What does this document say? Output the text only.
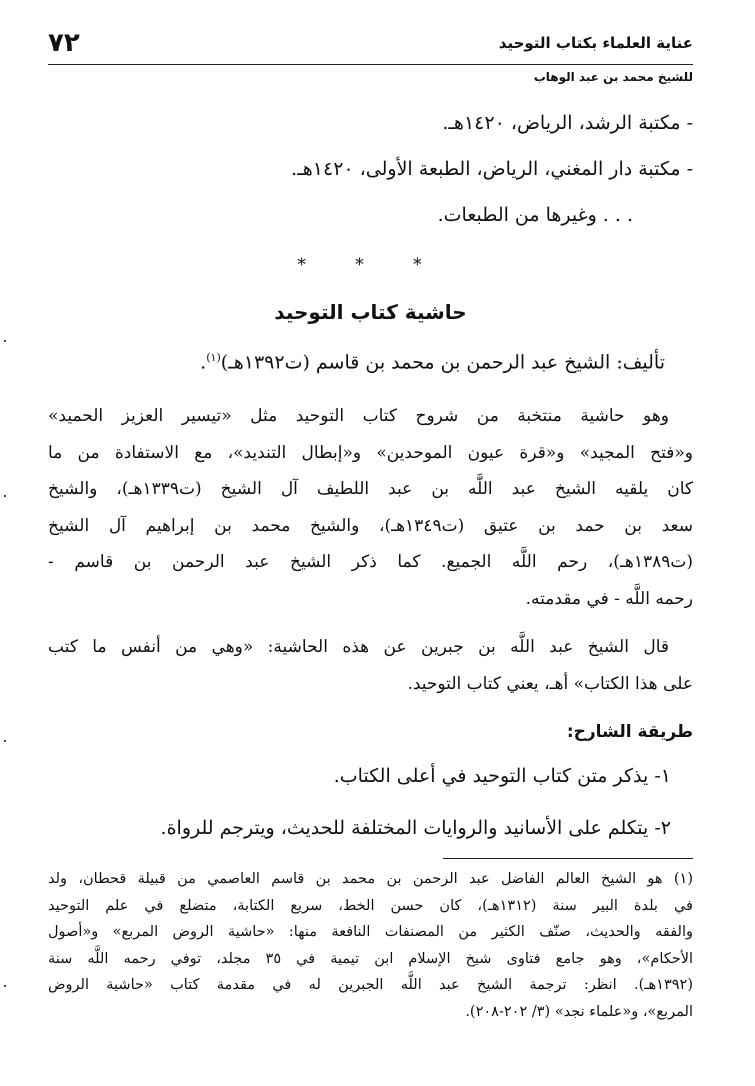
عناية العلماء بكتاب التوحيد
٧٢
للشيخ محمد بن عبد الوهاب

- مكتبة الرشد، الرياض، ١٤٢٠هـ.

- مكتبة دار المغني، الرياض، الطبعة الأولى، ١٤٢٠هـ.

. . . وغيرها من الطبعات.

* * *
حاشية كتاب التوحيد

تأليف: الشيخ عبد الرحمن بن محمد بن قاسم (ت١٣٩٢هـ)$^{(١)}$.

وهو حاشية منتخبة من شروح كتاب التوحيد مثل «تيسير العزيز الحميد»
و«فتح المجيد» و«قرة عيون الموحدين» و«إبطال التنديد»، مع الاستفادة من ما
كان يلقيه الشيخ عبد اللَّه بن عبد اللطيف آل الشيخ (ت١٣٣٩هـ)، والشيخ
سعد بن حمد بن عتيق (ت١٣٤٩هـ)، والشيخ محمد بن إبراهيم آل الشيخ
(ت١٣٨٩هـ)، رحم اللَّه الجميع. كما ذكر الشيخ عبد الرحمن بن قاسم -
رحمه اللَّه - في مقدمته.

قال الشيخ عبد اللَّه بن جبرين عن هذه الحاشية: «وهي من أنفس ما كتب
على هذا الكتاب» أهـ، يعني كتاب التوحيد.

طريقة الشارح:

١- يذكر متن كتاب التوحيد في أعلى الكتاب.

٢- يتكلم على الأسانيد والروايات المختلفة للحديث، ويترجم للرواة.

(١) هو الشيخ العالم الفاضل عبد الرحمن بن محمد بن قاسم العاصمي من قبيلة قحطان، ولد
في بلدة البير سنة (١٣١٢هـ)، كان حسن الخط، سريع الكتابة، متضلع في علم التوحيد
والفقه والحديث، صنّف الكثير من المصنفات النافعة منها: «حاشية الروض المربع» و«أصول
الأحكام»، وهو جامع فتاوى شيخ الإسلام ابن تيمية في ٣٥ مجلد، توفي رحمه اللَّه سنة
(١٣٩٢هـ). انظر: ترجمة الشيخ عبد اللَّه الجبرين له في مقدمة كتاب «حاشية الروض
المربع»، و«علماء نجد» (٣/ ٢٠٢-٢٠٨).
